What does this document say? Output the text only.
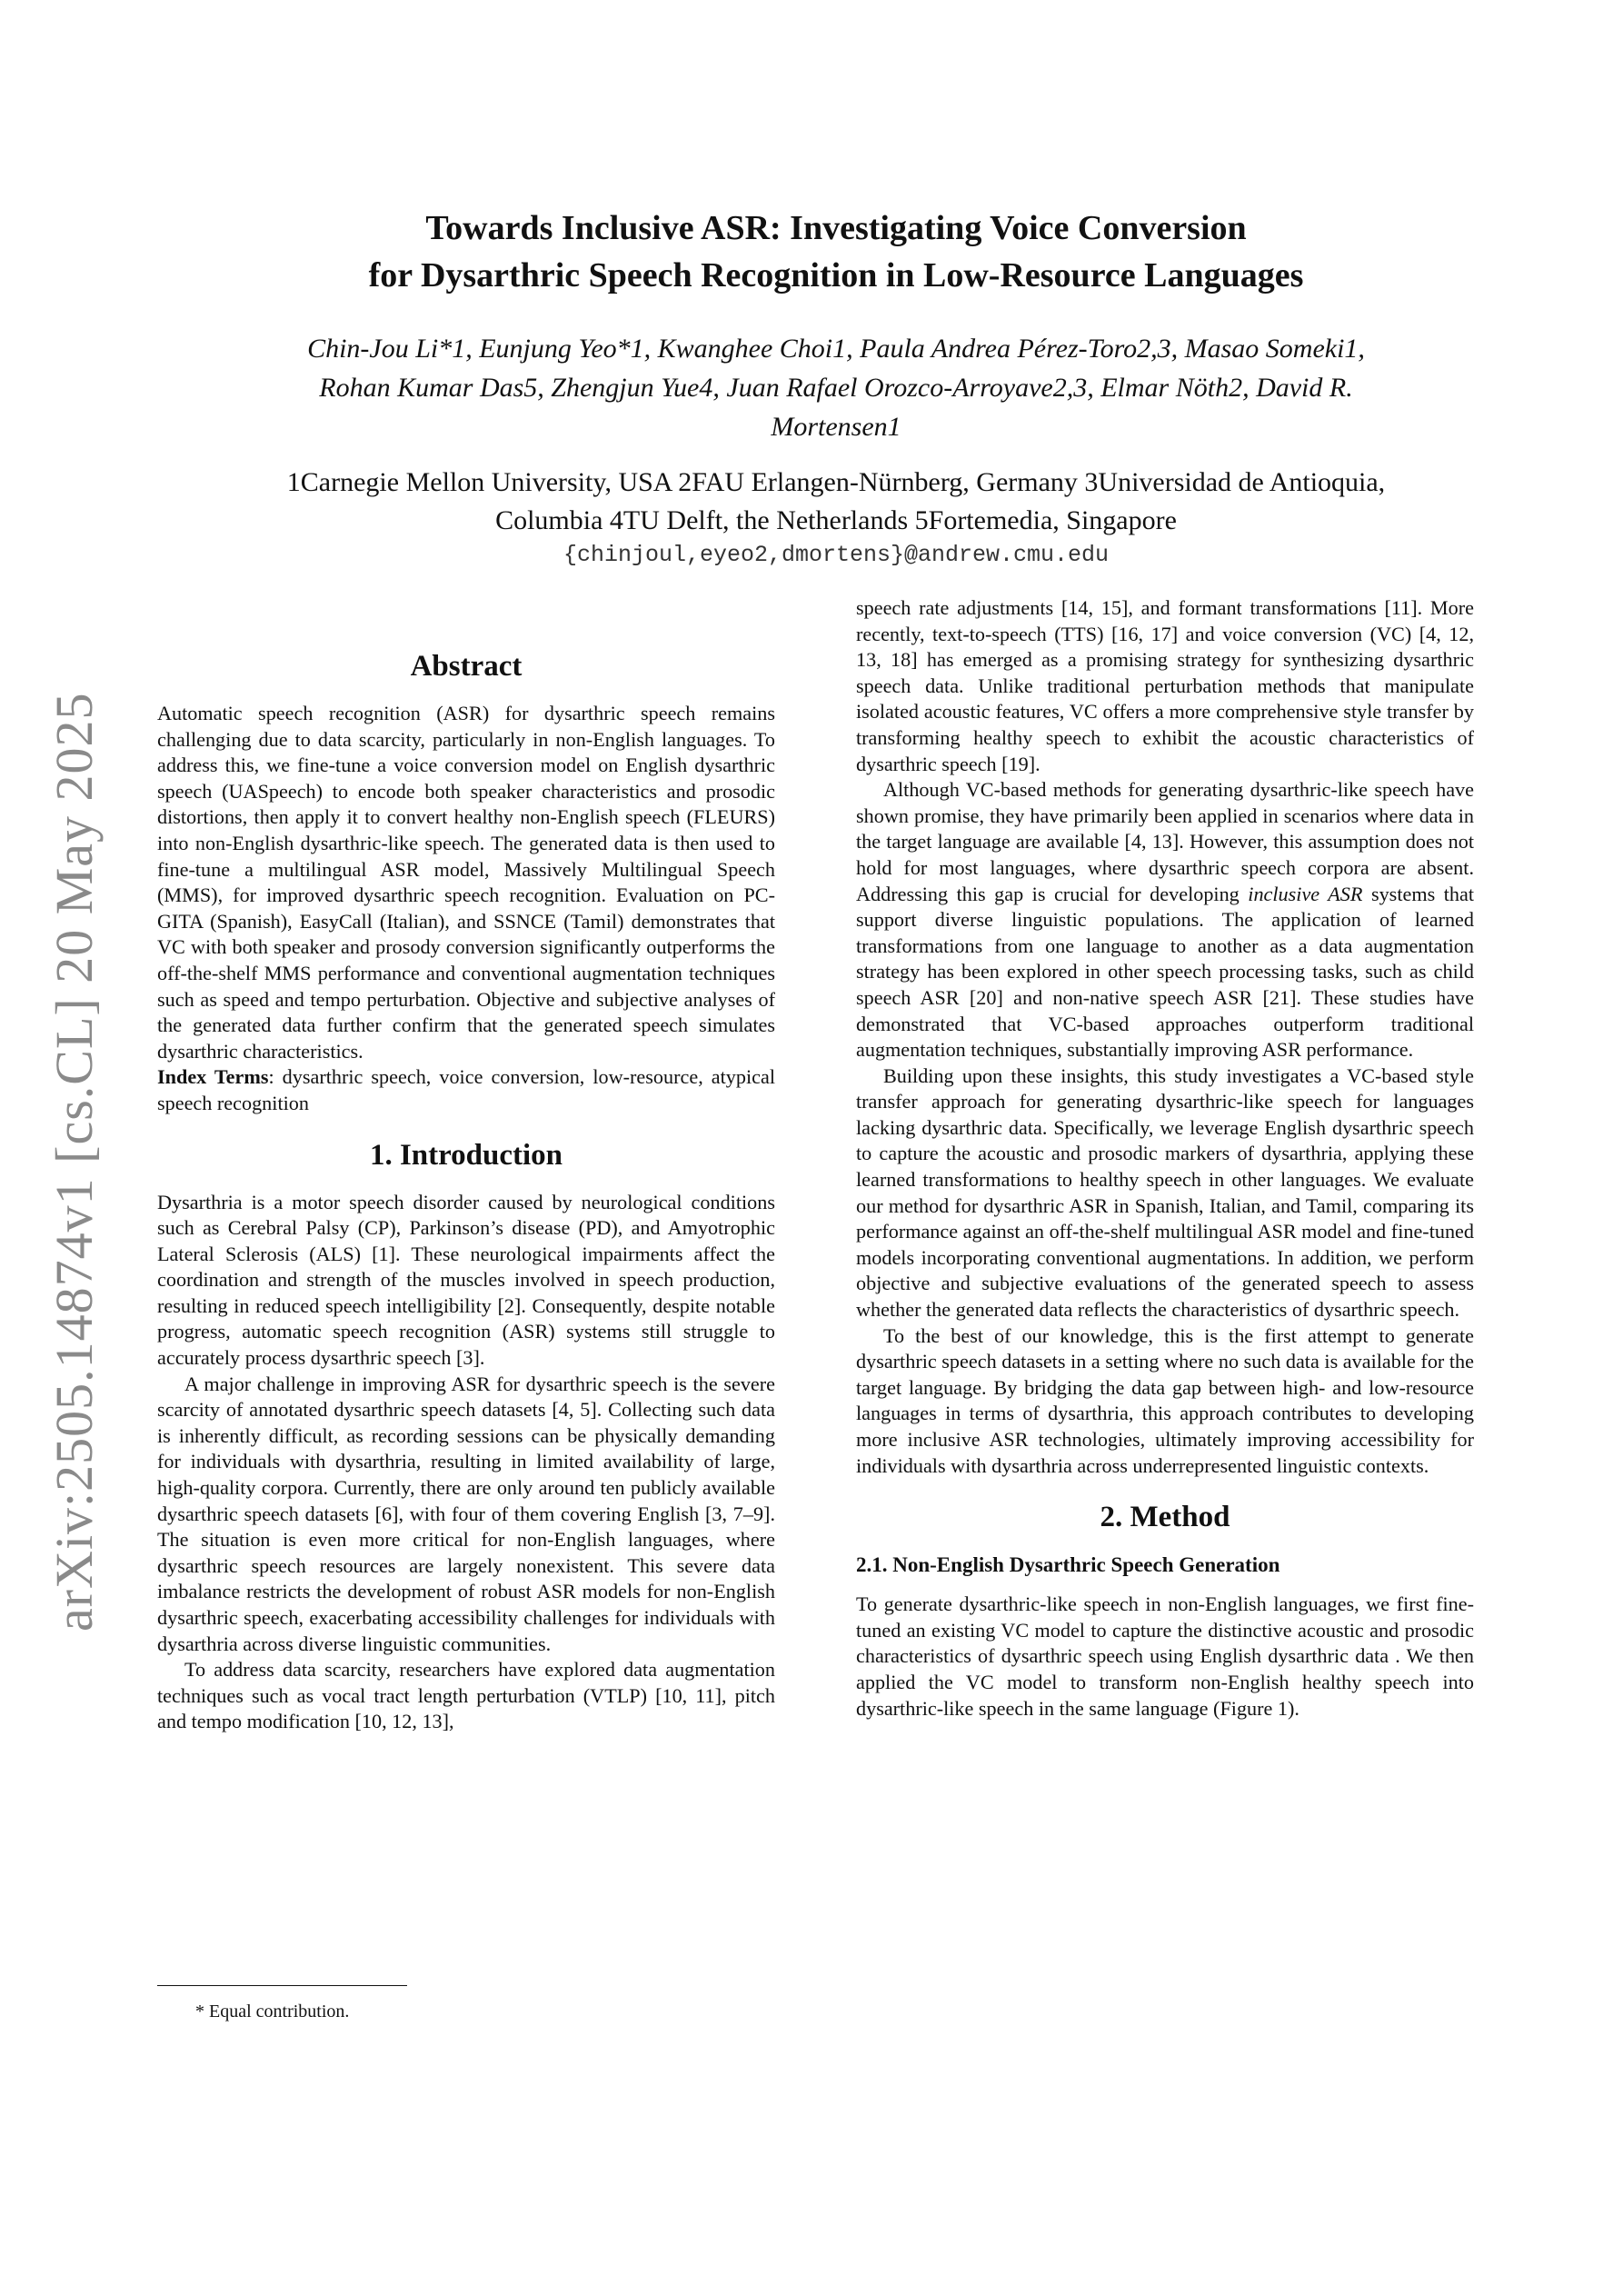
arXiv:2505.14874v1 [cs.CL] 20 May 2025
Towards Inclusive ASR: Investigating Voice Conversion
for Dysarthric Speech Recognition in Low-Resource Languages
Chin-Jou Li*1, Eunjung Yeo*1, Kwanghee Choi1, Paula Andrea Pérez-Toro2,3, Masao Someki1,
Rohan Kumar Das5, Zhengjun Yue4, Juan Rafael Orozco-Arroyave2,3, Elmar Nöth2, David R.
Mortensen1
1Carnegie Mellon University, USA 2FAU Erlangen-Nürnberg, Germany 3Universidad de Antioquia,
Columbia 4TU Delft, the Netherlands 5Fortemedia, Singapore
{chinjoul,eyeo2,dmortens}@andrew.cmu.edu
Abstract

Automatic speech recognition (ASR) for dysarthric speech remains challenging due to data scarcity, particularly in non-English languages. To address this, we fine-tune a voice conversion model on English dysarthric speech (UASpeech) to encode both speaker characteristics and prosodic distortions, then apply it to convert healthy non-English speech (FLEURS) into non-English dysarthric-like speech. The generated data is then used to fine-tune a multilingual ASR model, Massively Multilingual Speech (MMS), for improved dysarthric speech recognition. Evaluation on PC-GITA (Spanish), EasyCall (Italian), and SSNCE (Tamil) demonstrates that VC with both speaker and prosody conversion significantly outperforms the off-the-shelf MMS performance and conventional augmentation techniques such as speed and tempo perturbation. Objective and subjective analyses of the generated data further confirm that the generated speech simulates dysarthric characteristics.

Index Terms: dysarthric speech, voice conversion, low-resource, atypical speech recognition

1. Introduction

Dysarthria is a motor speech disorder caused by neurological conditions such as Cerebral Palsy (CP), Parkinson’s disease (PD), and Amyotrophic Lateral Sclerosis (ALS) [1]. These neurological impairments affect the coordination and strength of the muscles involved in speech production, resulting in reduced speech intelligibility [2]. Consequently, despite notable progress, automatic speech recognition (ASR) systems still struggle to accurately process dysarthric speech [3].

A major challenge in improving ASR for dysarthric speech is the severe scarcity of annotated dysarthric speech datasets [4, 5]. Collecting such data is inherently difficult, as recording sessions can be physically demanding for individuals with dysarthria, resulting in limited availability of large, high-quality corpora. Currently, there are only around ten publicly available dysarthric speech datasets [6], with four of them covering English [3, 7–9]. The situation is even more critical for non-English languages, where dysarthric speech resources are largely nonexistent. This severe data imbalance restricts the development of robust ASR models for non-English dysarthric speech, exacerbating accessibility challenges for individuals with dysarthria across diverse linguistic communities.

To address data scarcity, researchers have explored data augmentation techniques such as vocal tract length perturbation (VTLP) [10, 11], pitch and tempo modification [10, 12, 13],

speech rate adjustments [14, 15], and formant transformations [11]. More recently, text-to-speech (TTS) [16, 17] and voice conversion (VC) [4, 12, 13, 18] has emerged as a promising strategy for synthesizing dysarthric speech data. Unlike traditional perturbation methods that manipulate isolated acoustic features, VC offers a more comprehensive style transfer by transforming healthy speech to exhibit the acoustic characteristics of dysarthric speech [19].

Although VC-based methods for generating dysarthric-like speech have shown promise, they have primarily been applied in scenarios where data in the target language are available [4, 13]. However, this assumption does not hold for most languages, where dysarthric speech corpora are absent. Addressing this gap is crucial for developing inclusive ASR systems that support diverse linguistic populations. The application of learned transformations from one language to another as a data augmentation strategy has been explored in other speech processing tasks, such as child speech ASR [20] and non-native speech ASR [21]. These studies have demonstrated that VC-based approaches outperform traditional augmentation techniques, substantially improving ASR performance.

Building upon these insights, this study investigates a VC-based style transfer approach for generating dysarthric-like speech for languages lacking dysarthric data. Specifically, we leverage English dysarthric speech to capture the acoustic and prosodic markers of dysarthria, applying these learned transformations to healthy speech in other languages. We evaluate our method for dysarthric ASR in Spanish, Italian, and Tamil, comparing its performance against an off-the-shelf multilingual ASR model and fine-tuned models incorporating conventional augmentations. In addition, we perform objective and subjective evaluations of the generated speech to assess whether the generated data reflects the characteristics of dysarthric speech.

To the best of our knowledge, this is the first attempt to generate dysarthric speech datasets in a setting where no such data is available for the target language. By bridging the data gap between high- and low-resource languages in terms of dysarthria, this approach contributes to developing more inclusive ASR technologies, ultimately improving accessibility for individuals with dysarthria across underrepresented linguistic contexts.

2. Method
2.1. Non-English Dysarthric Speech Generation

To generate dysarthric-like speech in non-English languages, we first fine-tuned an existing VC model to capture the distinctive acoustic and prosodic characteristics of dysarthric speech using English dysarthric data . We then applied the VC model to transform non-English healthy speech into dysarthric-like speech in the same language (Figure 1).

* Equal contribution.
